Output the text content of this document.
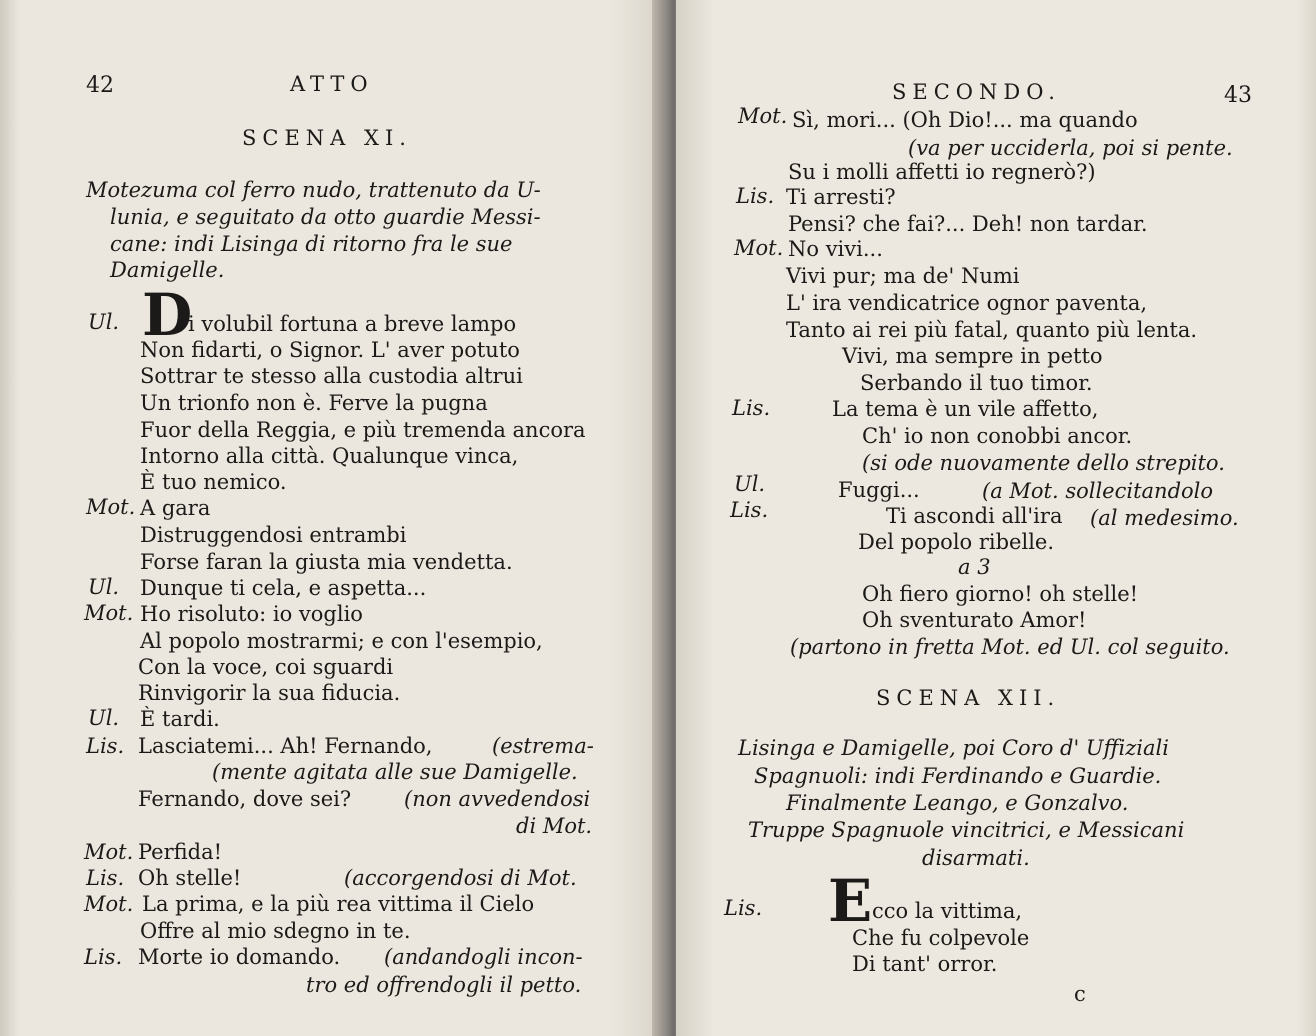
42	ATTO
SCENA XI.
Motezuma col ferro nudo, trattenuto da U-
lunia, e seguitato da otto guardie Messi-
cane: indi Lisinga di ritorno fra le sue
Damigelle.
D
Ul.	i volubil fortuna a breve lampo
Non fidarti, o Signor. L' aver potuto
Sottrar te stesso alla custodia altrui
Un trionfo non è. Ferve la pugna
Fuor della Reggia, e più tremenda ancora
Intorno alla città. Qualunque vinca,
È tuo nemico.
Mot. A gara
Distruggendosi entrambi
Forse faran la giusta mia vendetta.
Ul. Dunque ti cela, e aspetta...
Mot. Ho risoluto: io voglio
Al popolo mostrarmi; e con l'esempio,
Con la voce, coi sguardi
Rinvigorir la sua fiducia.
Ul. È tardi.
Lis. Lasciatemi... Ah! Fernando,	(estrema-
(mente agitata alle sue Damigelle.
Fernando, dove sei?	(non avvedendosi
di Mot.
Mot. Perfida!
Lis. Oh stelle!	(accorgendosi di Mot.
Mot. La prima, e la più rea vittima il Cielo
Offre al mio sdegno in te.
Lis. Morte io domando. (andandogli incon-
tro ed offrendogli il petto.
SECONDO.	43
Mot. Sì, mori... (Oh Dio!... ma quando
(va per ucciderla, poi si pente.
Su i molli affetti io regnerò?)
Lis. Ti arresti?
Pensi? che fai?... Deh! non tardar.
Mot. No vivi...
Vivi pur; ma de' Numi
L' ira vendicatrice ognor paventa,
Tanto ai rei più fatal, quanto più lenta.
Vivi, ma sempre in petto
Serbando il tuo timor.
Lis.	La tema è un vile affetto,
Ch' io non conobbi ancor.
(si ode nuovamente dello strepito.
Ul.	Fuggi...	(a Mot. sollecitandolo
Lis.	Ti ascondi all'ira (al medesimo.
Del popolo ribelle.
a 3
Oh fiero giorno! oh stelle!
Oh sventurato Amor!
(partono in fretta Mot. ed Ul. col seguito.
SCENA XII.
Lisinga e Damigelle, poi Coro d' Uffiziali
Spagnuoli: indi Ferdinando e Guardie.
Finalmente Leango, e Gonzalvo.
Truppe Spagnuole vincitrici, e Messicani
disarmati.
Lis. E cco la vittima,
Che fu colpevole
Di tant' orror.
c
